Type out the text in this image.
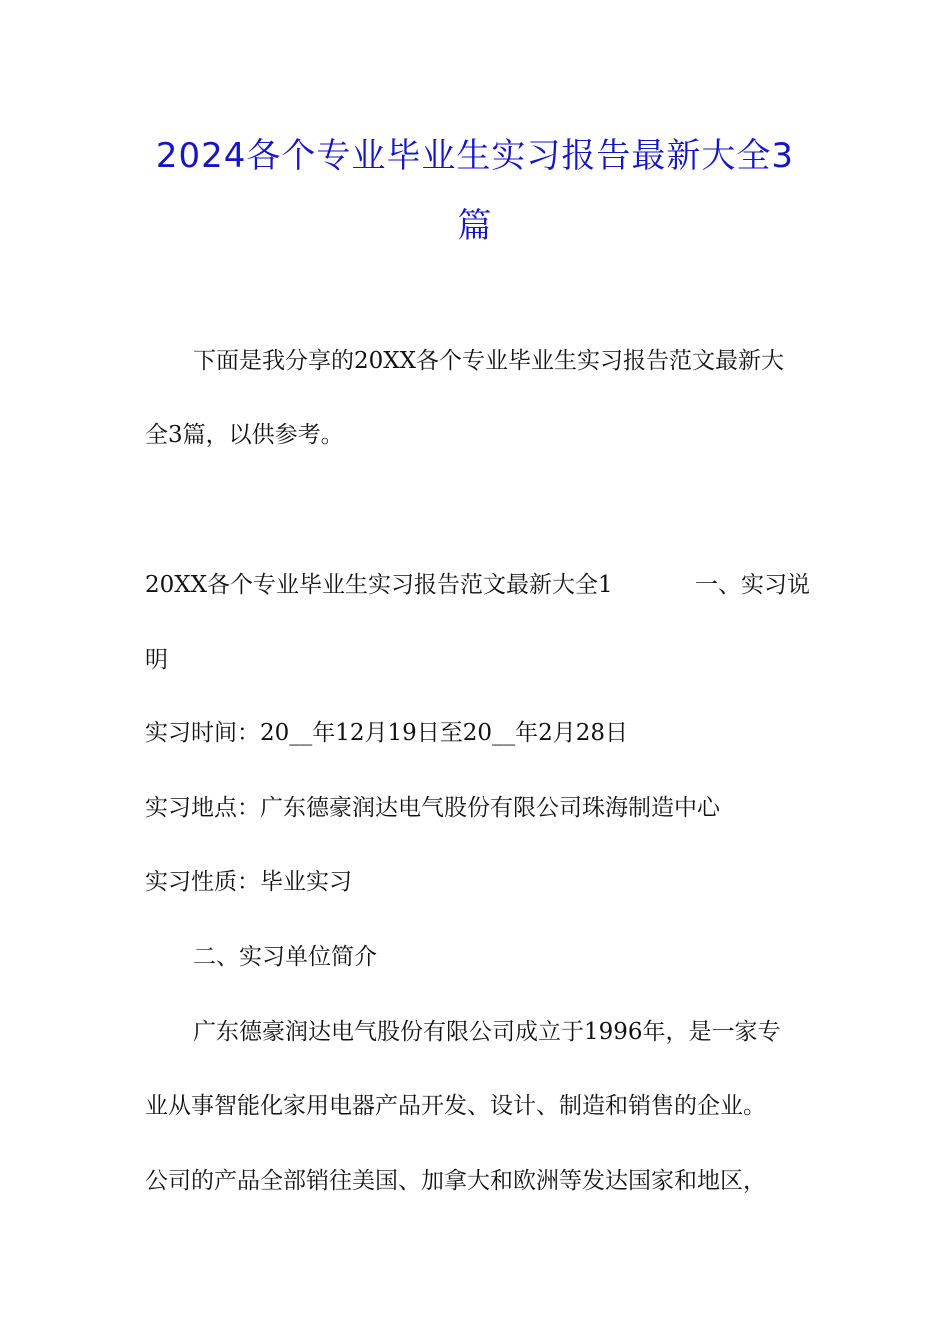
2024各个专业毕业生实习报告最新大全3
篇
下面是我分享的20XX各个专业毕业生实习报告范文最新大
全3篇，以供参考。
20XX各个专业毕业生实习报告范文最新大全1	一、实习说
明
实习时间：20__年12月19日至20__年2月28日
实习地点：广东德豪润达电气股份有限公司珠海制造中心
实习性质：毕业实习
二、实习单位简介
广东德豪润达电气股份有限公司成立于1996年，是一家专
业从事智能化家用电器产品开发、设计、制造和销售的企业。
公司的产品全部销往美国、加拿大和欧洲等发达国家和地区，
